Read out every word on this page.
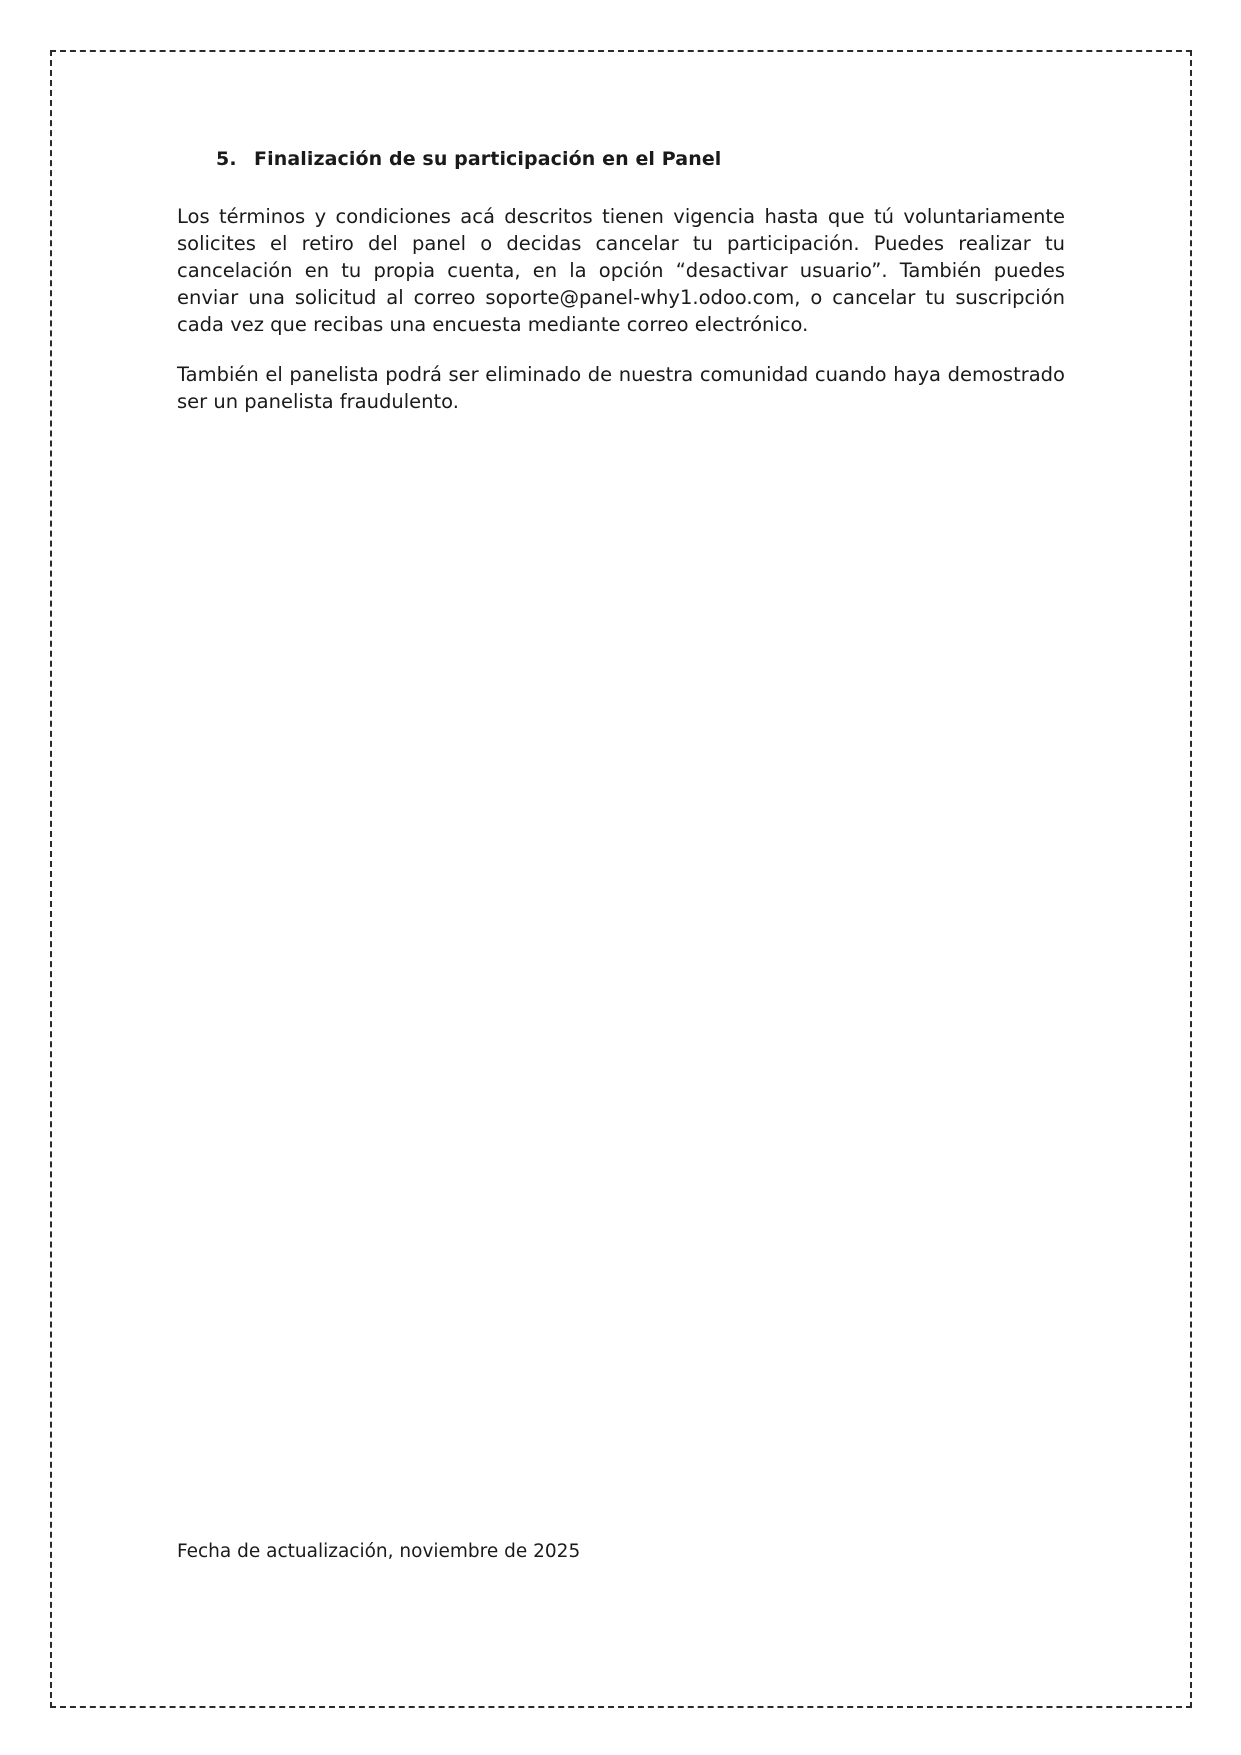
5. Finalización de su participación en el Panel

Los términos y condiciones acá descritos tienen vigencia hasta que tú voluntariamente solicites el retiro del panel o decidas cancelar tu participación. Puedes realizar tu cancelación en tu propia cuenta, en la opción “desactivar usuario”. También puedes enviar una solicitud al correo soporte@panel-why1.odoo.com, o cancelar tu suscripción cada vez que recibas una encuesta mediante correo electrónico.

También el panelista podrá ser eliminado de nuestra comunidad cuando haya demostrado ser un panelista fraudulento.

Fecha de actualización, noviembre de 2025
